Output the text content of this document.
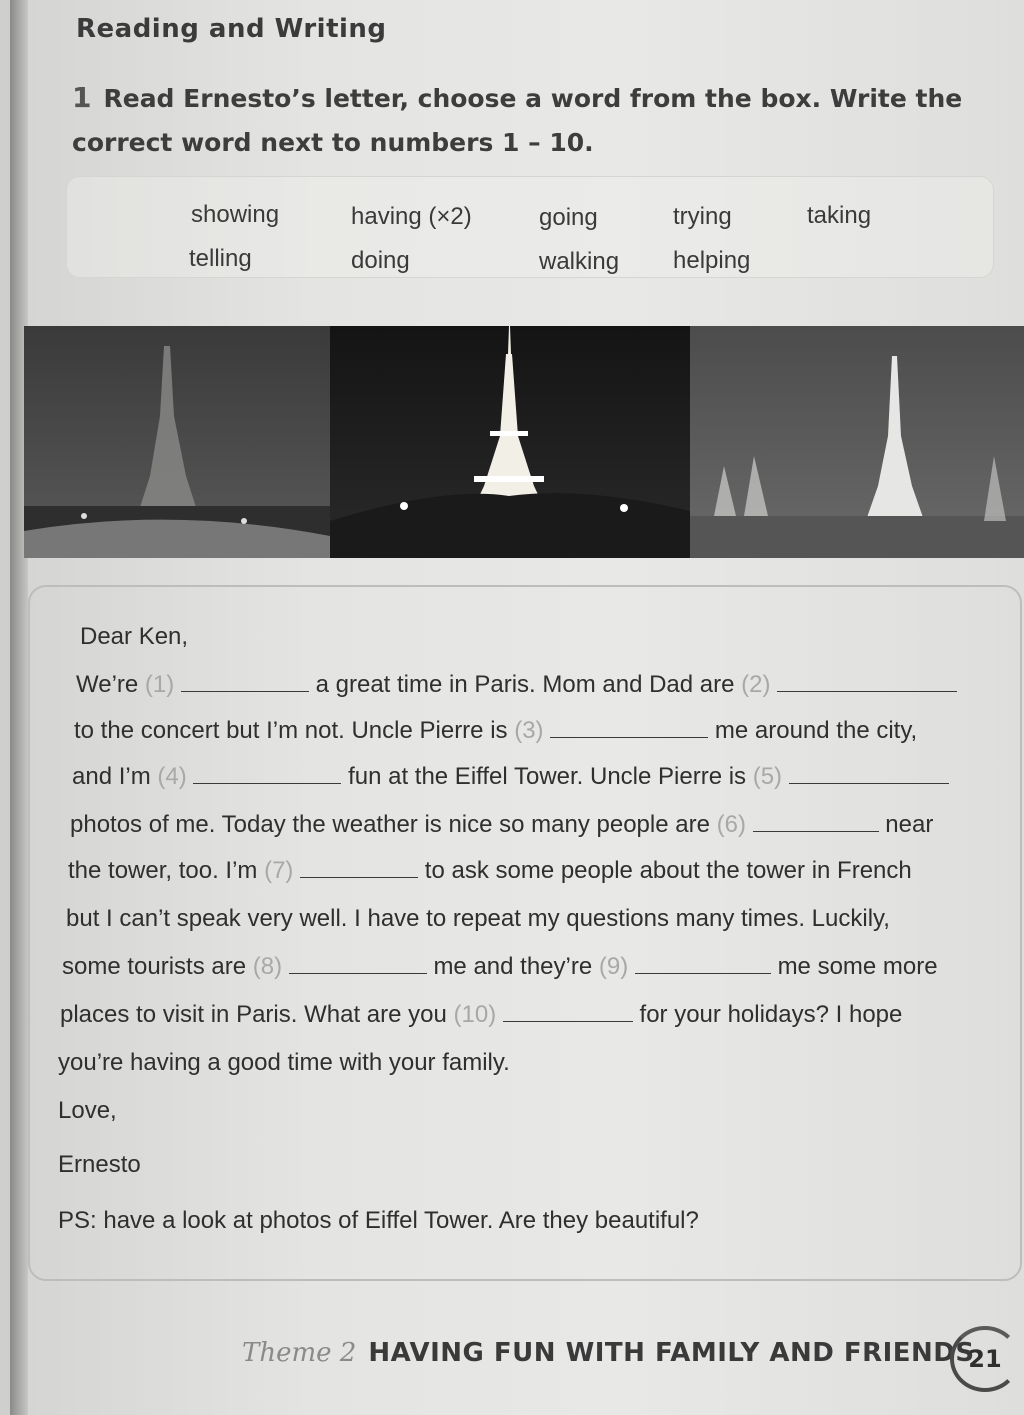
Reading and Writing
1 Read Ernesto’s letter, choose a word from the box. Write the correct word next to numbers 1 – 10.
showing	having (×2)	going	trying	taking
telling	doing	walking helping
Dear Ken,
We’re (1)	a great time in Paris. Mom and Dad are (2)
to the concert but I’m not. Uncle Pierre is (3)	me around the city,
and I’m (4)	fun at the Eiffel Tower. Uncle Pierre is (5)
photos of me. Today the weather is nice so many people are (6)	near
the tower, too. I’m (7)	to ask some people about the tower in French
but I can’t speak very well. I have to repeat my questions many times. Luckily,
some tourists are (8)	me and they’re (9)	me some more
places to visit in Paris. What are you (10)	for your holidays? I hope
you’re having a good time with your family.
Love,
Ernesto
PS: have a look at photos of Eiffel Tower. Are they beautiful?
Theme 2 HAVING FUN WITH FAMILY AND FRIENDS
21
